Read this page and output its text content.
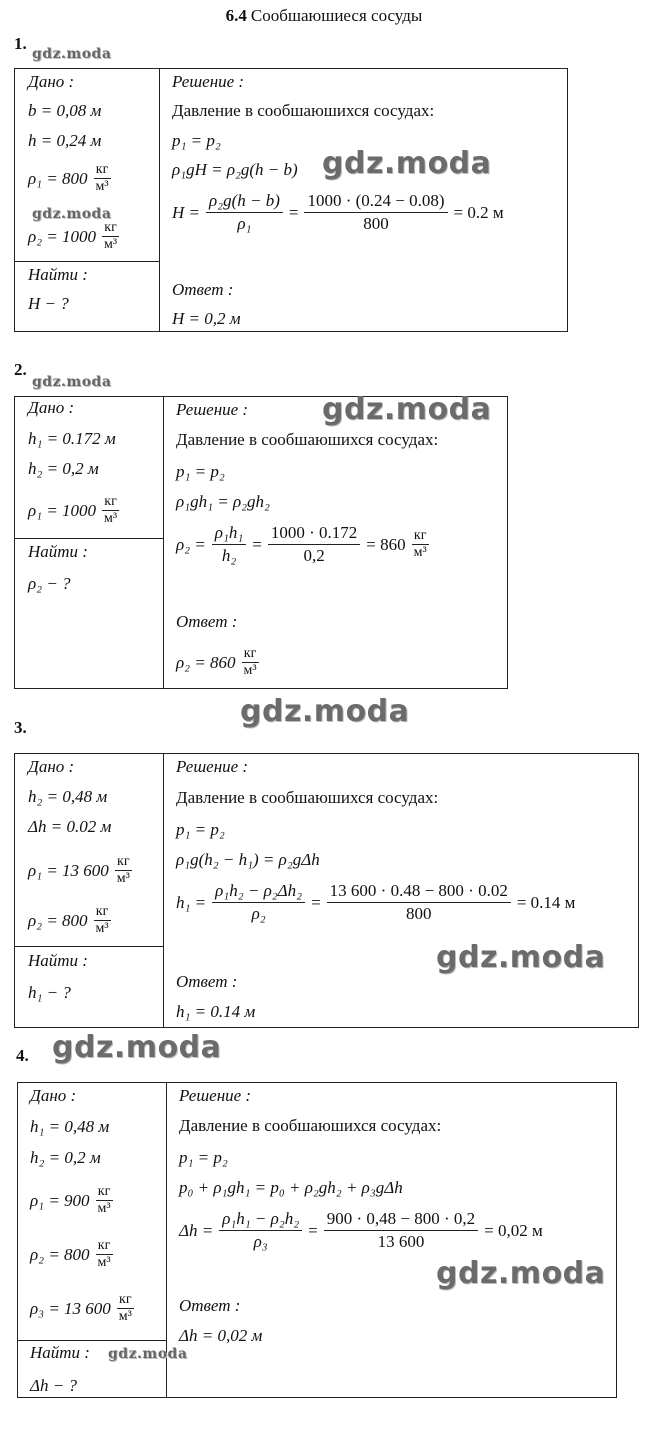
6.4 Сообшаюшиеся сосуды
1.
gdz.moda
Дано :
b = 0,08 м
h = 0,24 м
$\rho_1 = 800 \frac{кг}{\text{м³}}$
gdz.moda
$\rho_2 = 1000 \frac{кг}{\text{м³}}$
Найти :
H − ?
Решение :
Давление в сообшаюшихся сосудах:
p₁ = p₂
ρ₁gH = ρ₂g(h − b) gdz.moda
$H = \frac{\text{ρ₂g(h − b)}}{\text{ρ₁}} = \frac{1000 \cdot (0.24 - 0.08)}{800} = 0.2$ м
Ответ :
H = 0,2 м
2.
gdz.moda
Дано :
h₁ = 0.172 м
h₂ = 0,2 м
$\rho_1 = 1000 \frac{кг}{\text{м³}}$
Найти :
ρ₂ − ?
Решение : gdz.moda
Давление в сообшаюшихся сосудах:
p₁ = p₂
ρ₁gh₁ = ρ₂gh₂
$\rho_2 = \frac{\text{ρ₁h₁}}{\text{h₂}} = \frac{1000 \cdot 0.172}{0,2} = 860 \frac{кг}{\text{м³}}$
Ответ :
$\rho_2 = 860 \frac{кг}{\text{м³}}$
gdz.moda
3.
Дано :
h₂ = 0,48 м
Δh = 0.02 м
ρ₁ = 13 $600 \frac{кг}{\text{м³}}$
$\rho_2 = 800 \frac{кг}{\text{м³}}$
Найти :
h₁ − ?
Решение :
Давление в сообшаюшихся сосудах:
p₁ = p₂
ρ₁g(h₂ − h₁) = ρ₂gΔh
$h_1 = \frac{\text{ρ₁h₂ − ρ₂Δh₂}}{\text{ρ₂}} = \frac{13 600 \cdot 0.48 - 800 \cdot 0.02}{800} = 0.14$ м
gdz.moda
Ответ :
h₁ = 0.14 м
4. gdz.moda
Дано :
h₁ = 0,48 м
h₂ = 0,2 м
$\rho_1 = 900 \frac{кг}{\text{м³}}$
$\rho_2 = 800 \frac{кг}{\text{м³}}$
ρ₃ = 13 $600 \frac{кг}{\text{м³}}$
Найти : gdz.moda
Δh − ?
Решение :
Давление в сообшаюшихся сосудах:
p₁ = p₂
p₀ + ρ₁gh₁ = p₀ + ρ₂gh₂ + ρ₃gΔh
$\Delta h = \frac{\text{ρ₁h₁ − ρ₂h₂}}{\text{ρ₃}} = \frac{900 \cdot 0,48 - 800 \cdot 0,2}{13 600} = 0,02$ м
gdz.moda
Ответ :
Δh = 0,02 м
